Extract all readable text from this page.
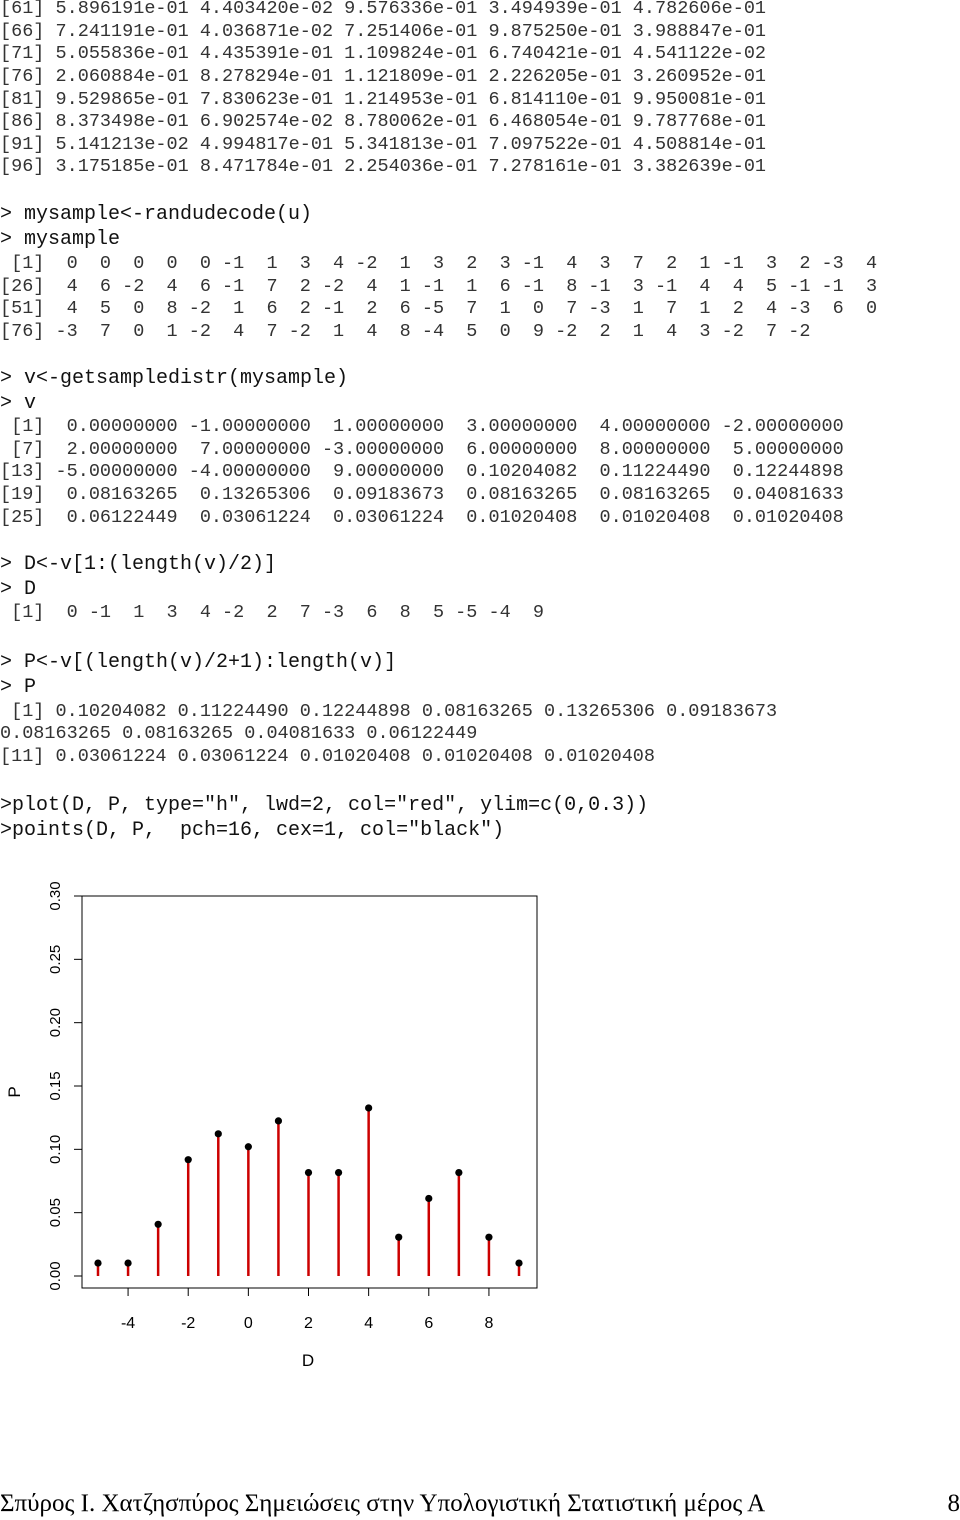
[61] 5.896191e-01 4.403420e-02 9.576336e-01 3.494939e-01 4.782606e-01
[66] 7.241191e-01 4.036871e-02 7.251406e-01 9.875250e-01 3.988847e-01
[71] 5.055836e-01 4.435391e-01 1.109824e-01 6.740421e-01 4.541122e-02
[76] 2.060884e-01 8.278294e-01 1.121809e-01 2.226205e-01 3.260952e-01
[81] 9.529865e-01 7.830623e-01 1.214953e-01 6.814110e-01 9.950081e-01
[86] 8.373498e-01 6.902574e-02 8.780062e-01 6.468054e-01 9.787768e-01
[91] 5.141213e-02 4.994817e-01 5.341813e-01 7.097522e-01 4.508814e-01
[96] 3.175185e-01 8.471784e-01 2.254036e-01 7.278161e-01 3.382639e-01
> mysample<-randudecode(u)
> mysample
[1]  0  0  0  0  0 -1  1  3  4 -2  1  3  2  3 -1  4  3  7  2  1 -1  3  2 -3  4
[26]  4  6 -2  4  6 -1  7  2 -2  4  1 -1  1  6 -1  8 -1  3 -1  4  4  5 -1 -1  3
[51]  4  5  0  8 -2  1  6  2 -1  2  6 -5  7  1  0  7 -3  1  7  1  2  4 -3  6  0
[76] -3  7  0  1 -2  4  7 -2  1  4  8 -4  5  0  9 -2  2  1  4  3 -2  7 -2
> v<-getsampledistr(mysample)
> v
[1]  0.00000000 -1.00000000  1.00000000  3.00000000  4.00000000 -2.00000000
[7]  2.00000000  7.00000000 -3.00000000  6.00000000  8.00000000  5.00000000
[13] -5.00000000 -4.00000000  9.00000000  0.10204082  0.11224490  0.12244898
[19]  0.08163265  0.13265306  0.09183673  0.08163265  0.08163265  0.04081633
[25]  0.06122449  0.03061224  0.03061224  0.01020408  0.01020408  0.01020408
> D<-v[1:(length(v)/2)]
> D
[1]  0 -1  1  3  4 -2  2  7 -3  6  8  5 -5 -4  9
> P<-v[(length(v)/2+1):length(v)]
> P
[1] 0.10204082 0.11224490 0.12244898 0.08163265 0.13265306 0.09183673
0.08163265 0.08163265 0.04081633 0.06122449
[11] 0.03061224 0.03061224 0.01020408 0.01020408 0.01020408
>plot(D, P, type="h", lwd=2, col="red", ylim=c(0,0.3))
>points(D, P,  pch=16, cex=1, col="black")
-4	-2	0	2	4	6	8
0.00
0.05
0.10
0.15
0.20
0.25
0.30
D
P
Σπύρος Ι. Χατζησπύρος Σημειώσεις στην Υπολογιστική Στατιστική μέρος Α	8
